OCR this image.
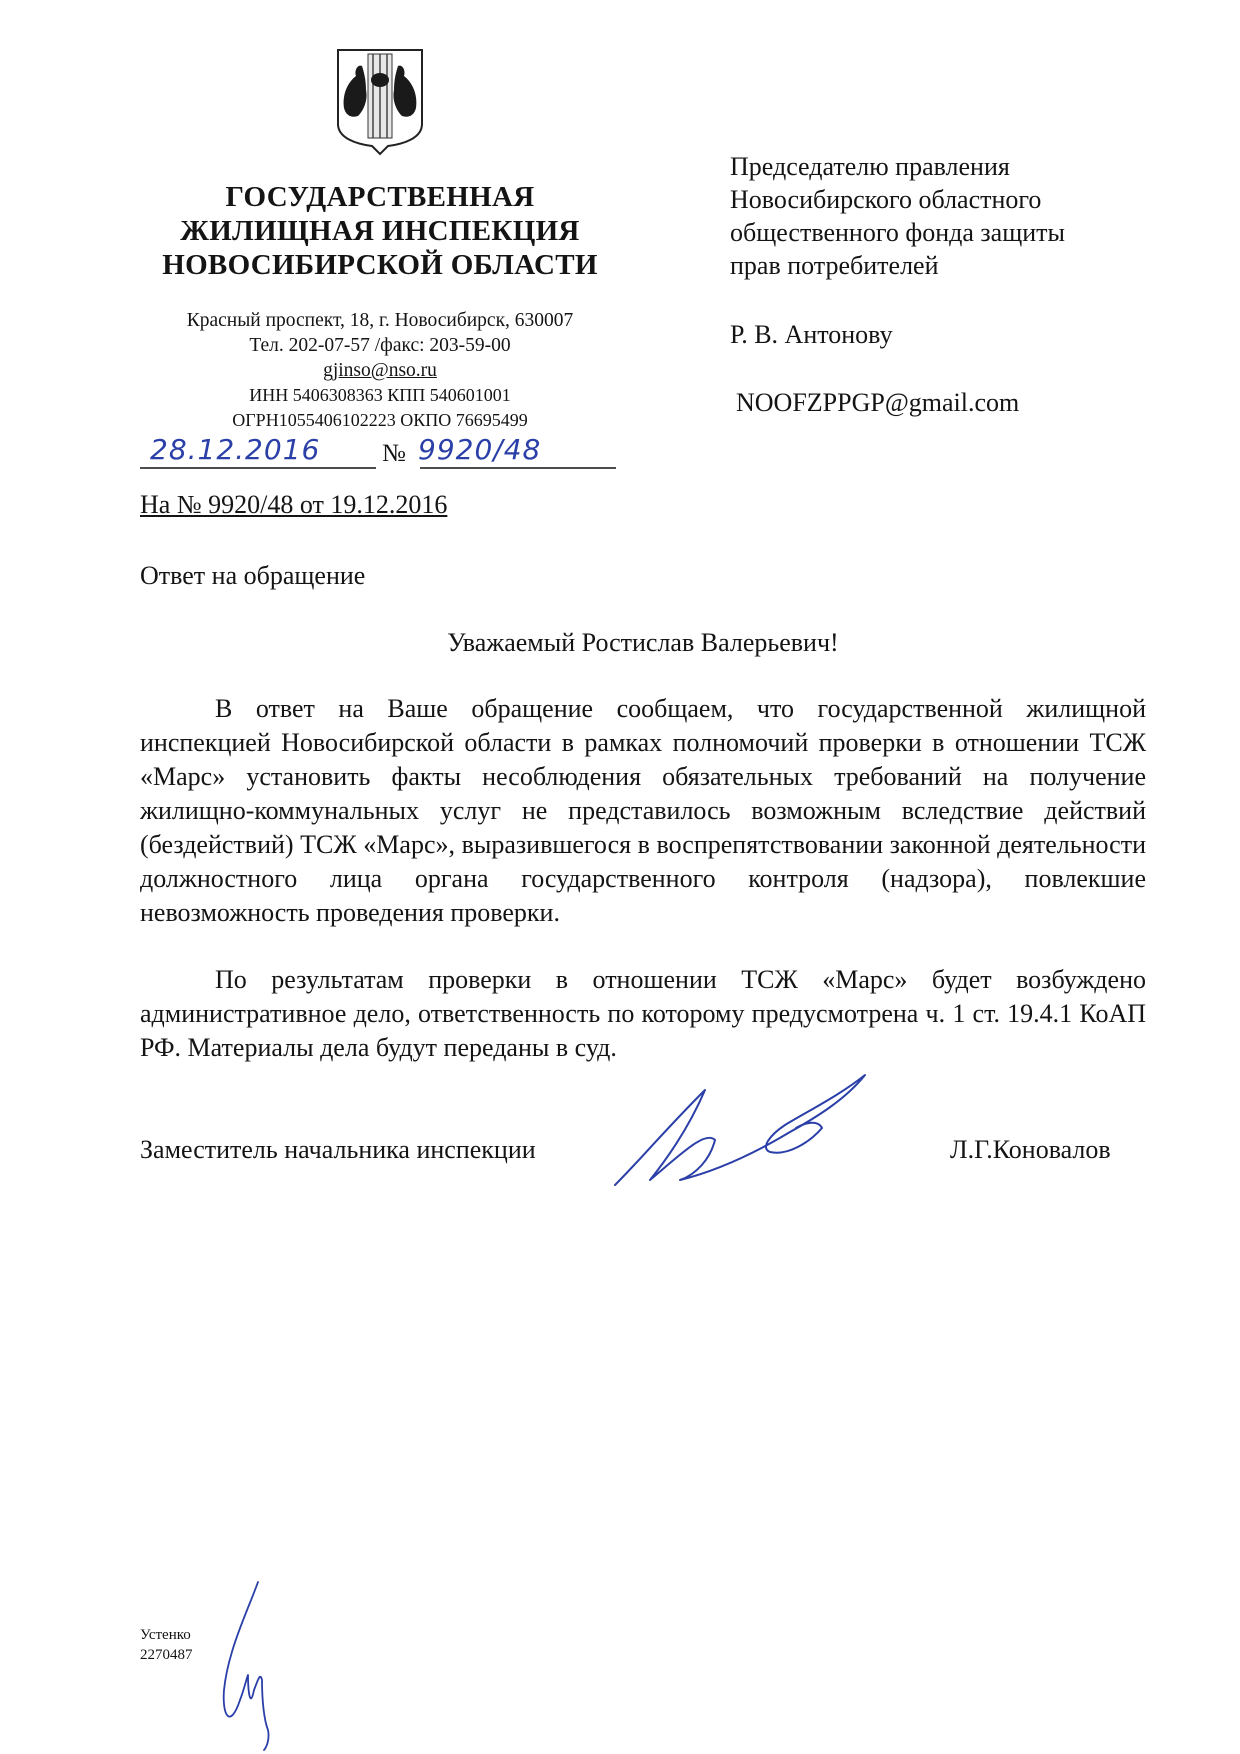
ГОСУДАРСТВЕННАЯ
ЖИЛИЩНАЯ ИНСПЕКЦИЯ
НОВОСИБИРСКОЙ ОБЛАСТИ
Красный проспект, 18, г. Новосибирск, 630007
Тел. 202-07-57 /факс: 203-59-00
gjinso@nso.ru
ИНН 5406308363 КПП 540601001
ОГРН1055406102223 ОКПО 76695499
28.12.2016 № 9920/48
На № 9920/48 от 19.12.2016
Председателю правления
Новосибирского областного
общественного фонда защиты
прав потребителей
Р. В. Антонову
NOOFZPPGP@gmail.com
Ответ на обращение
Уважаемый Ростислав Валерьевич!
В ответ на Ваше обращение сообщаем, что государственной жилищной инспекцией Новосибирской области в рамках полномочий проверки в отношении ТСЖ «Марс» установить факты несоблюдения обязательных требований на получение жилищно-коммунальных услуг не представилось возможным вследствие действий (бездействий) ТСЖ «Марс», выразившегося в воспрепятствовании законной деятельности должностного лица органа государственного контроля (надзора), повлекшие невозможность проведения проверки.
По результатам проверки в отношении ТСЖ «Марс» будет возбуждено административное дело, ответственность по которому предусмотрена ч. 1 ст. 19.4.1 КоАП РФ. Материалы дела будут переданы в суд.
Заместитель начальника инспекции	Л.Г.Коновалов
Устенко
2270487
